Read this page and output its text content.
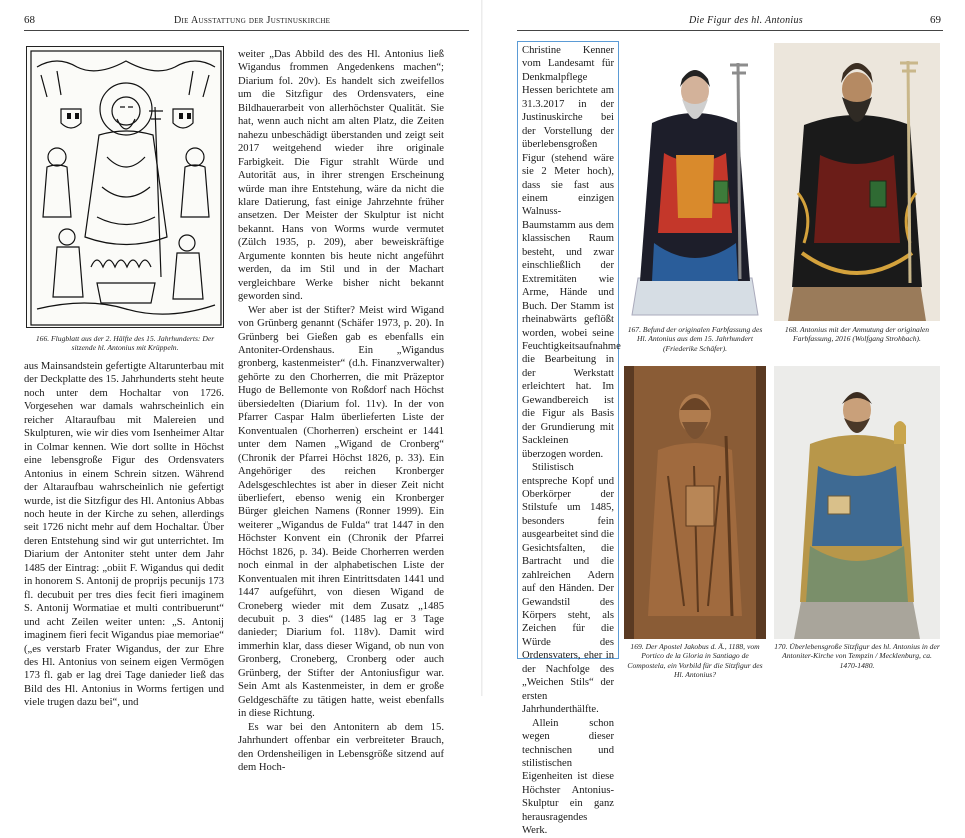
68	Die Ausstattung der Justinuskirche
166. Flugblatt aus der 2. Hälfte des 15. Jahrhunderts: Der sitzende hl. Antonius mit Krüppeln.

aus Mainsandstein gefertigte Altarunterbau mit der Deckplatte des 15. Jahrhunderts steht heute noch unter dem Hochaltar von 1726. Vorgesehen war damals wahrscheinlich ein reicher Altaraufbau mit Malereien und Skulpturen, wie wir dies vom Isenheimer Altar in Colmar kennen. Wie dort sollte in Höchst eine lebensgroße Figur des Ordensvaters Antonius in einem Schrein sitzen. Während der Altaraufbau wahrscheinlich nie gefertigt wurde, ist die Sitzfigur des Hl. Antonius Abbas noch heute in der Kirche zu sehen, allerdings seit 1726 nicht mehr auf dem Hochaltar. Über deren Entstehung sind wir gut unterrichtet. Im Diarium der Antoniter steht unter dem Jahr 1485 der Eintrag: „obiit F. Wigandus qui dedit in honorem S. Antonij de proprijs pecunijs 173 fl. decubuit per tres dies fecit fieri imaginem S. Antonij Wormatiae et multi contribuerunt“ und acht Zeilen weiter unten: „S. Antonij imaginem fieri fecit Wigandus piae memoriae“ („es verstarb Frater Wigandus, der zur Ehre des Hl. Antonius von seinem eigen Vermögen 173 fl. gab er lag drei Tage danieder ließ das Bild des Hl. Antonius in Worms fertigen und viele trugen dazu bei“, und

weiter „Das Abbild des des Hl. Antonius ließ Wigandus frommen Angedenkens machen“; Diarium fol. 20v). Es handelt sich zweifellos um die Sitzfigur des Ordensvaters, eine Bildhauerarbeit von allerhöchster Qualität. Sie hat, wenn auch nicht am alten Platz, die Zeiten nahezu unbeschädigt überstanden und zeigt seit 2017 weitgehend wieder ihre originale Farbigkeit. Die Figur strahlt Würde und Autorität aus, in ihrer strengen Erscheinung würde man ihre Entstehung, wäre da nicht die klare Datierung, fast einige Jahrzehnte früher ansetzen. Der Meister der Skulptur ist nicht bekannt. Hans von Worms wurde vermutet (Zülch 1935, p. 209), aber beweiskräftige Argumente konnten bis heute nicht angeführt werden, da im Stil und in der Machart vergleichbare Werke bisher nicht bekannt geworden sind.

Wer aber ist der Stifter? Meist wird Wigand von Grünberg genannt (Schäfer 1973, p. 20). In Grünberg bei Gießen gab es ebenfalls ein Antoniter-Ordenshaus. Ein „Wigandus gronberg, kastenmeister“ (d.h. Finanzverwalter) gehörte zu den Chorherren, die mit Präzeptor Hugo de Bellemonte von Roßdorf nach Höchst übersiedelten (Diarium fol. 11v). In der von Pfarrer Caspar Halm überlieferten Liste der Konventualen (Chorherren) erscheint er 1441 unter dem Namen „Wigand de Cronberg“ (Chronik der Pfarrei Höchst 1826, p. 33). Ein Angehöriger des reichen Kronberger Adelsgeschlechtes ist aber in dieser Zeit nicht überliefert, ebenso wenig ein Kronberger Bürger gleichen Namens (Ronner 1999). Ein weiterer „Wigandus de Fulda“ trat 1447 in den Höchster Konvent ein (Chronik der Pfarrei Höchst 1826, p. 34). Beide Chorherren werden noch einmal in der alphabetischen Liste der Konventualen mit ihren Eintrittsdaten 1441 und 1447 aufgeführt, von diesen Wigand de Croneberg wieder mit dem Zusatz „1485 decubuit p. 3 dies“ (1485 lag er 3 Tage danieder; Diarium fol. 118v). Damit wird immerhin klar, dass dieser Wigand, ob nun von Gronberg, Croneberg, Cronberg oder auch Grünberg, der Stifter der Antoniusfigur war. Sein Amt als Kastenmeister, in dem er große Geldgeschäfte zu tätigen hatte, weist ebenfalls in diese Richtung.

Es war bei den Antonitern ab dem 15. Jahrhundert offenbar ein verbreiteter Brauch, den Ordensheiligen in Lebensgröße sitzend auf dem Hoch-

Die Figur des hl. Antonius	69

Christine Kenner vom Landesamt für Denkmalpflege Hessen berichtete am 31.3.2017 in der Justinuskirche bei der Vorstellung der überlebensgroßen Figur (stehend wäre sie 2 Meter hoch), dass sie fast aus einem einzigen Walnuss-Baumstamm aus dem klassischen Raum besteht, und zwar einschließlich der Extremitäten wie Arme, Hände und Buch. Der Stamm ist rheinabwärts geflößt worden, wobei seine Feuchtigkeitsaufnahme die Bearbeitung in der Werkstatt erleichtert hat. Im Gewandbereich ist die Figur als Basis der Grundierung mit Sackleinen überzogen worden.

Stilistisch entspreche Kopf und Oberkörper der Stilstufe um 1485, besonders fein ausgearbeitet sind die Gesichtsfalten, die Bartracht und die zahlreichen Adern auf den Händen. Der Gewandstil des Körpers steht, als Zeichen für die Würde des Ordensvaters, eher in der Nachfolge des „Weichen Stils“ der ersten Jahrhunderthälfte.

Allein schon wegen dieser technischen und stilistischen Eigenheiten ist diese Höchster Antonius-Skulptur ein ganz herausragendes Werk.

167. Befund der originalen Farbfassung des Hl. Antonius aus dem 15. Jahrhundert (Friederike Schäfer).
168. Antonius mit der Anmutung der originalen Farbfassung, 2016 (Wolfgang Strohbach).
169. Der Apostel Jakobus d. Ä., 1188, vom Portico de la Gloria in Santiago de Compostela, ein Vorbild für die Sitzfigur des Hl. Antonius?
170. Überlebensgroße Sitzfigur des hl. Antonius in der Antoniter-Kirche von Tempzin / Mecklenburg, ca. 1470-1480.
